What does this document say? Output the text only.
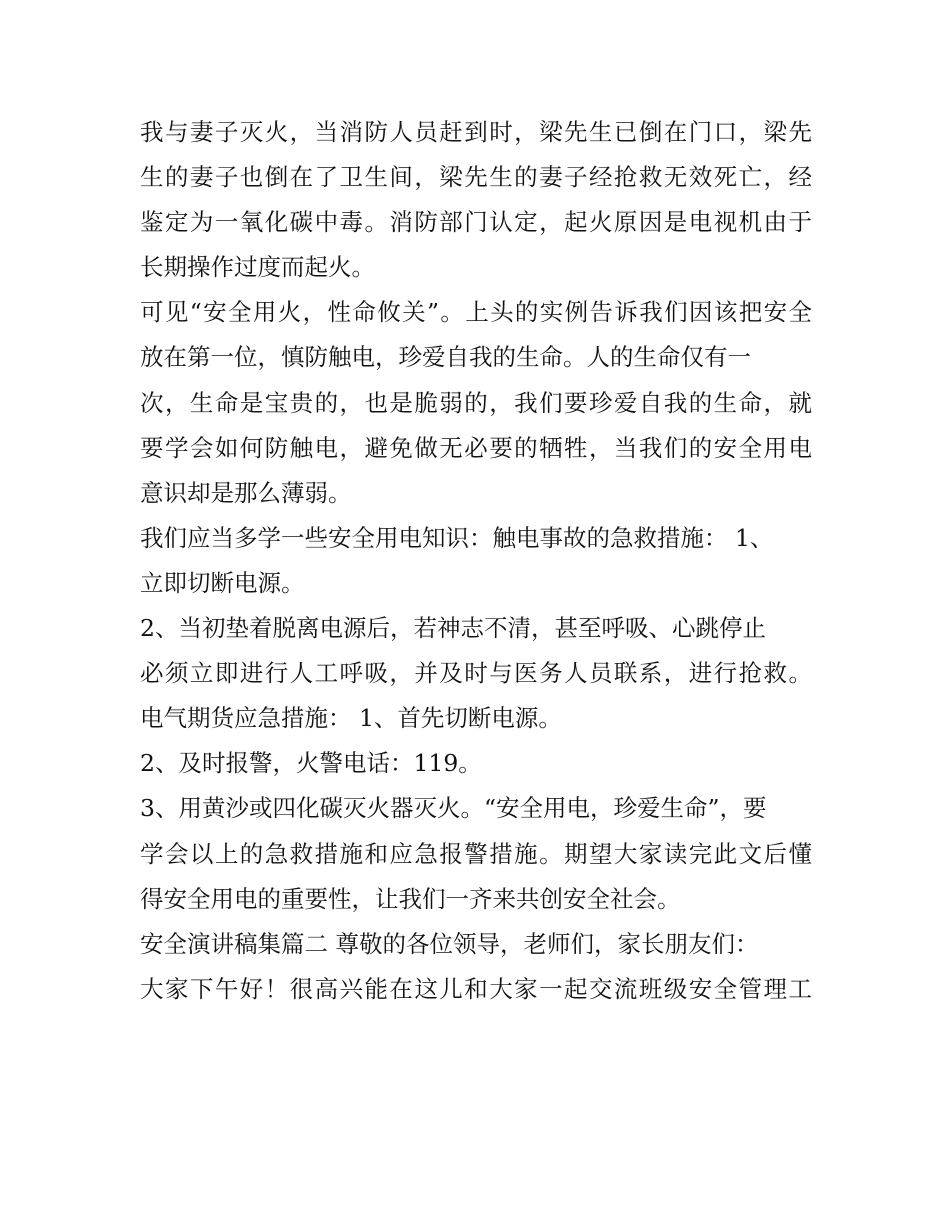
我与妻子灭火，当消防人员赶到时，梁先生已倒在门口，梁先
生的妻子也倒在了卫生间，梁先生的妻子经抢救无效死亡，经
鉴定为一氧化碳中毒。消防部门认定，起火原因是电视机由于
长期操作过度而起火。
可见“安全用火，性命攸关”。上头的实例告诉我们因该把安全
放在第一位，慎防触电，珍爱自我的生命。人的生命仅有一
次，生命是宝贵的，也是脆弱的，我们要珍爱自我的生命，就
要学会如何防触电，避免做无必要的牺牲，当我们的安全用电
意识却是那么薄弱。
我们应当多学一些安全用电知识：触电事故的急救措施： 1、
立即切断电源。
2、当初垫着脱离电源后，若神志不清，甚至呼吸、心跳停止
必须立即进行人工呼吸，并及时与医务人员联系，进行抢救。
电气期货应急措施： 1、首先切断电源。
2、及时报警，火警电话：119。
3、用黄沙或四化碳灭火器灭火。“安全用电，珍爱生命”，要
学会以上的急救措施和应急报警措施。期望大家读完此文后懂
得安全用电的重要性，让我们一齐来共创安全社会。
安全演讲稿集篇二 尊敬的各位领导，老师们，家长朋友们：
大家下午好！很高兴能在这儿和大家一起交流班级安全管理工
